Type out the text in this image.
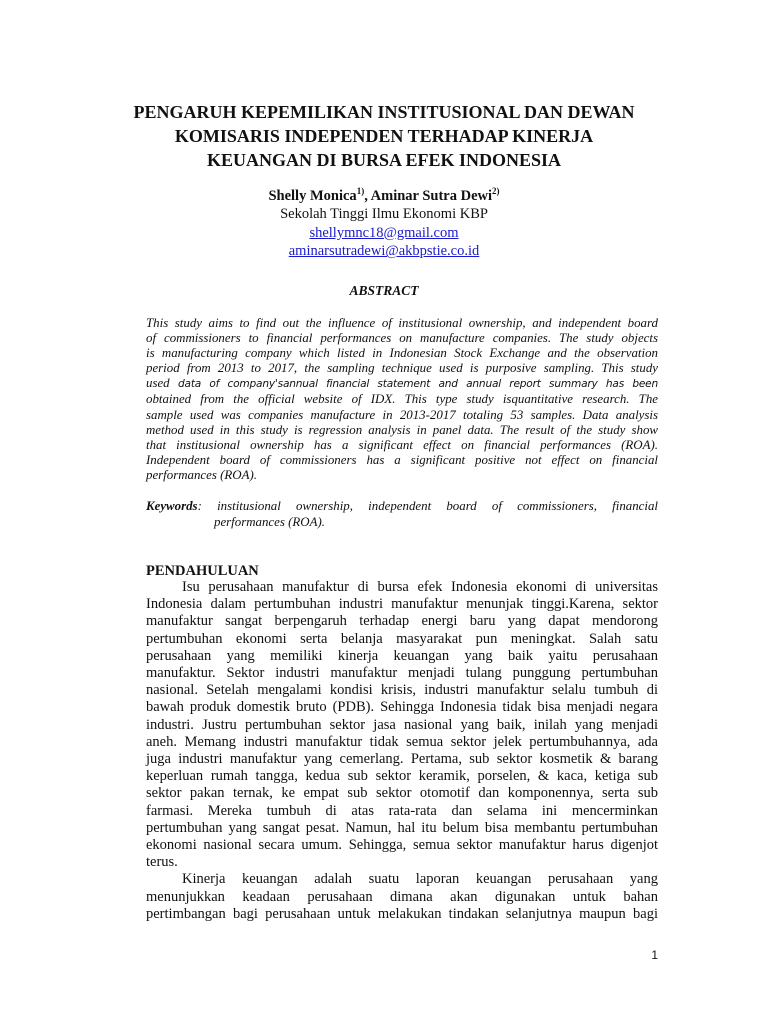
PENGARUH KEPEMILIKAN INSTITUSIONAL DAN DEWAN
KOMISARIS INDEPENDEN TERHADAP KINERJA
KEUANGAN DI BURSA EFEK INDONESIA
Shelly Monica$^{1)}$, Aminar Sutra Dewi$^{2)}$
Sekolah Tinggi Ilmu Ekonomi KBP
shellymnc18@gmail.com
aminarsutradewi@akbpstie.co.id
ABSTRACT
This study aims to find out the influence of institusional ownership, and independent board
of commissioners to financial performances on manufacture companies. The study objects
is manufacturing company which listed in Indonesian Stock Exchange and the observation
period from 2013 to 2017, the sampling technique used is purposive sampling. This study
used data of company'sannual financial statement and annual report summary has been
obtained from the official website of IDX. This type study isquantitative research. The
sample used was companies manufacture in 2013-2017 totaling 53 samples. Data analysis
method used in this study is regression analysis in panel data. The result of the study show
that institusional ownership has a significant effect on financial performances (ROA).
Independent board of commissioners has a significant positive not effect on financial
performances (ROA).
Keywords: institusional ownership, independent board of commissioners, financial
performances (ROA).
PENDAHULUAN
Isu perusahaan manufaktur di bursa efek Indonesia ekonomi di universitas
Indonesia dalam pertumbuhan industri manufaktur menunjak tinggi.Karena, sektor
manufaktur sangat berpengaruh terhadap energi baru yang dapat mendorong
pertumbuhan ekonomi serta belanja masyarakat pun meningkat. Salah satu
perusahaan yang memiliki kinerja keuangan yang baik yaitu perusahaan
manufaktur. Sektor industri manufaktur menjadi tulang punggung pertumbuhan
nasional. Setelah mengalami kondisi krisis, industri manufaktur selalu tumbuh di
bawah produk domestik bruto (PDB). Sehingga Indonesia tidak bisa menjadi negara
industri. Justru pertumbuhan sektor jasa nasional yang baik, inilah yang menjadi
aneh. Memang industri manufaktur tidak semua sektor jelek pertumbuhannya, ada
juga industri manufaktur yang cemerlang. Pertama, sub sektor kosmetik & barang
keperluan rumah tangga, kedua sub sektor keramik, porselen, & kaca, ketiga sub
sektor pakan ternak, ke empat sub sektor otomotif dan komponennya, serta sub
farmasi. Mereka tumbuh di atas rata-rata dan selama ini mencerminkan
pertumbuhan yang sangat pesat. Namun, hal itu belum bisa membantu pertumbuhan
ekonomi nasional secara umum. Sehingga, semua sektor manufaktur harus digenjot
terus.
Kinerja keuangan adalah suatu laporan keuangan perusahaan yang
menunjukkan keadaan perusahaan dimana akan digunakan untuk bahan
pertimbangan bagi perusahaan untuk melakukan tindakan selanjutnya maupun bagi
1
